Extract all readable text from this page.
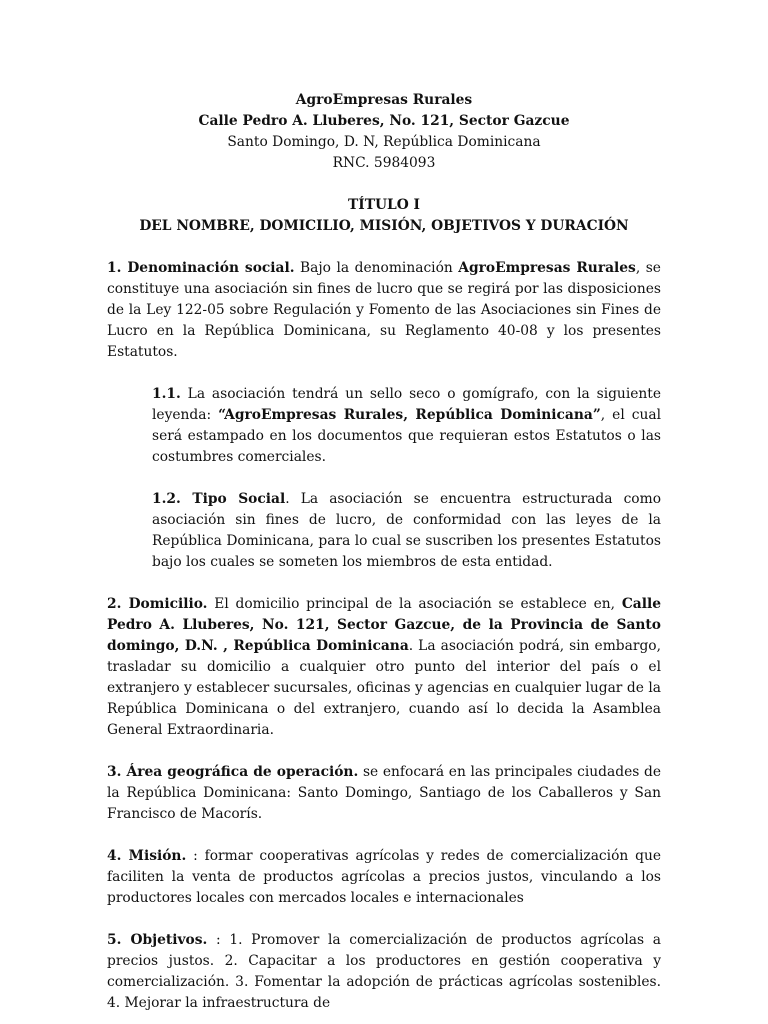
AgroEmpresas Rurales
Calle Pedro A. Lluberes, No. 121, Sector Gazcue
Santo Domingo, D. N, República Dominicana
RNC. 5984093
TÍTULO I
DEL NOMBRE, DOMICILIO, MISIÓN, OBJETIVOS Y DURACIÓN

1. Denominación social. Bajo la denominación AgroEmpresas Rurales, se constituye una asociación sin fines de lucro que se regirá por las disposiciones de la Ley 122-05 sobre Regulación y Fomento de las Asociaciones sin Fines de Lucro en la República Dominicana, su Reglamento 40-08 y los presentes Estatutos.

1.1. La asociación tendrá un sello seco o gomígrafo, con la siguiente leyenda: “AgroEmpresas Rurales, República Dominicana”, el cual será estampado en los documentos que requieran estos Estatutos o las costumbres comerciales.

1.2. Tipo Social. La asociación se encuentra estructurada como asociación sin fines de lucro, de conformidad con las leyes de la República Dominicana, para lo cual se suscriben los presentes Estatutos bajo los cuales se someten los miembros de esta entidad.

2. Domicilio. El domicilio principal de la asociación se establece en, Calle Pedro A. Lluberes, No. 121, Sector Gazcue, de la Provincia de Santo domingo, D.N. , República Dominicana. La asociación podrá, sin embargo, trasladar su domicilio a cualquier otro punto del interior del país o el extranjero y establecer sucursales, oficinas y agencias en cualquier lugar de la República Dominicana o del extranjero, cuando así lo decida la Asamblea General Extraordinaria.

3. Área geográfica de operación. se enfocará en las principales ciudades de la República Dominicana: Santo Domingo, Santiago de los Caballeros y San Francisco de Macorís.

4. Misión. : formar cooperativas agrícolas y redes de comercialización que faciliten la venta de productos agrícolas a precios justos, vinculando a los productores locales con mercados locales e internacionales

5. Objetivos. : 1. Promover la comercialización de productos agrícolas a precios justos. 2. Capacitar a los productores en gestión cooperativa y comercialización. 3. Fomentar la adopción de prácticas agrícolas sostenibles. 4. Mejorar la infraestructura de
